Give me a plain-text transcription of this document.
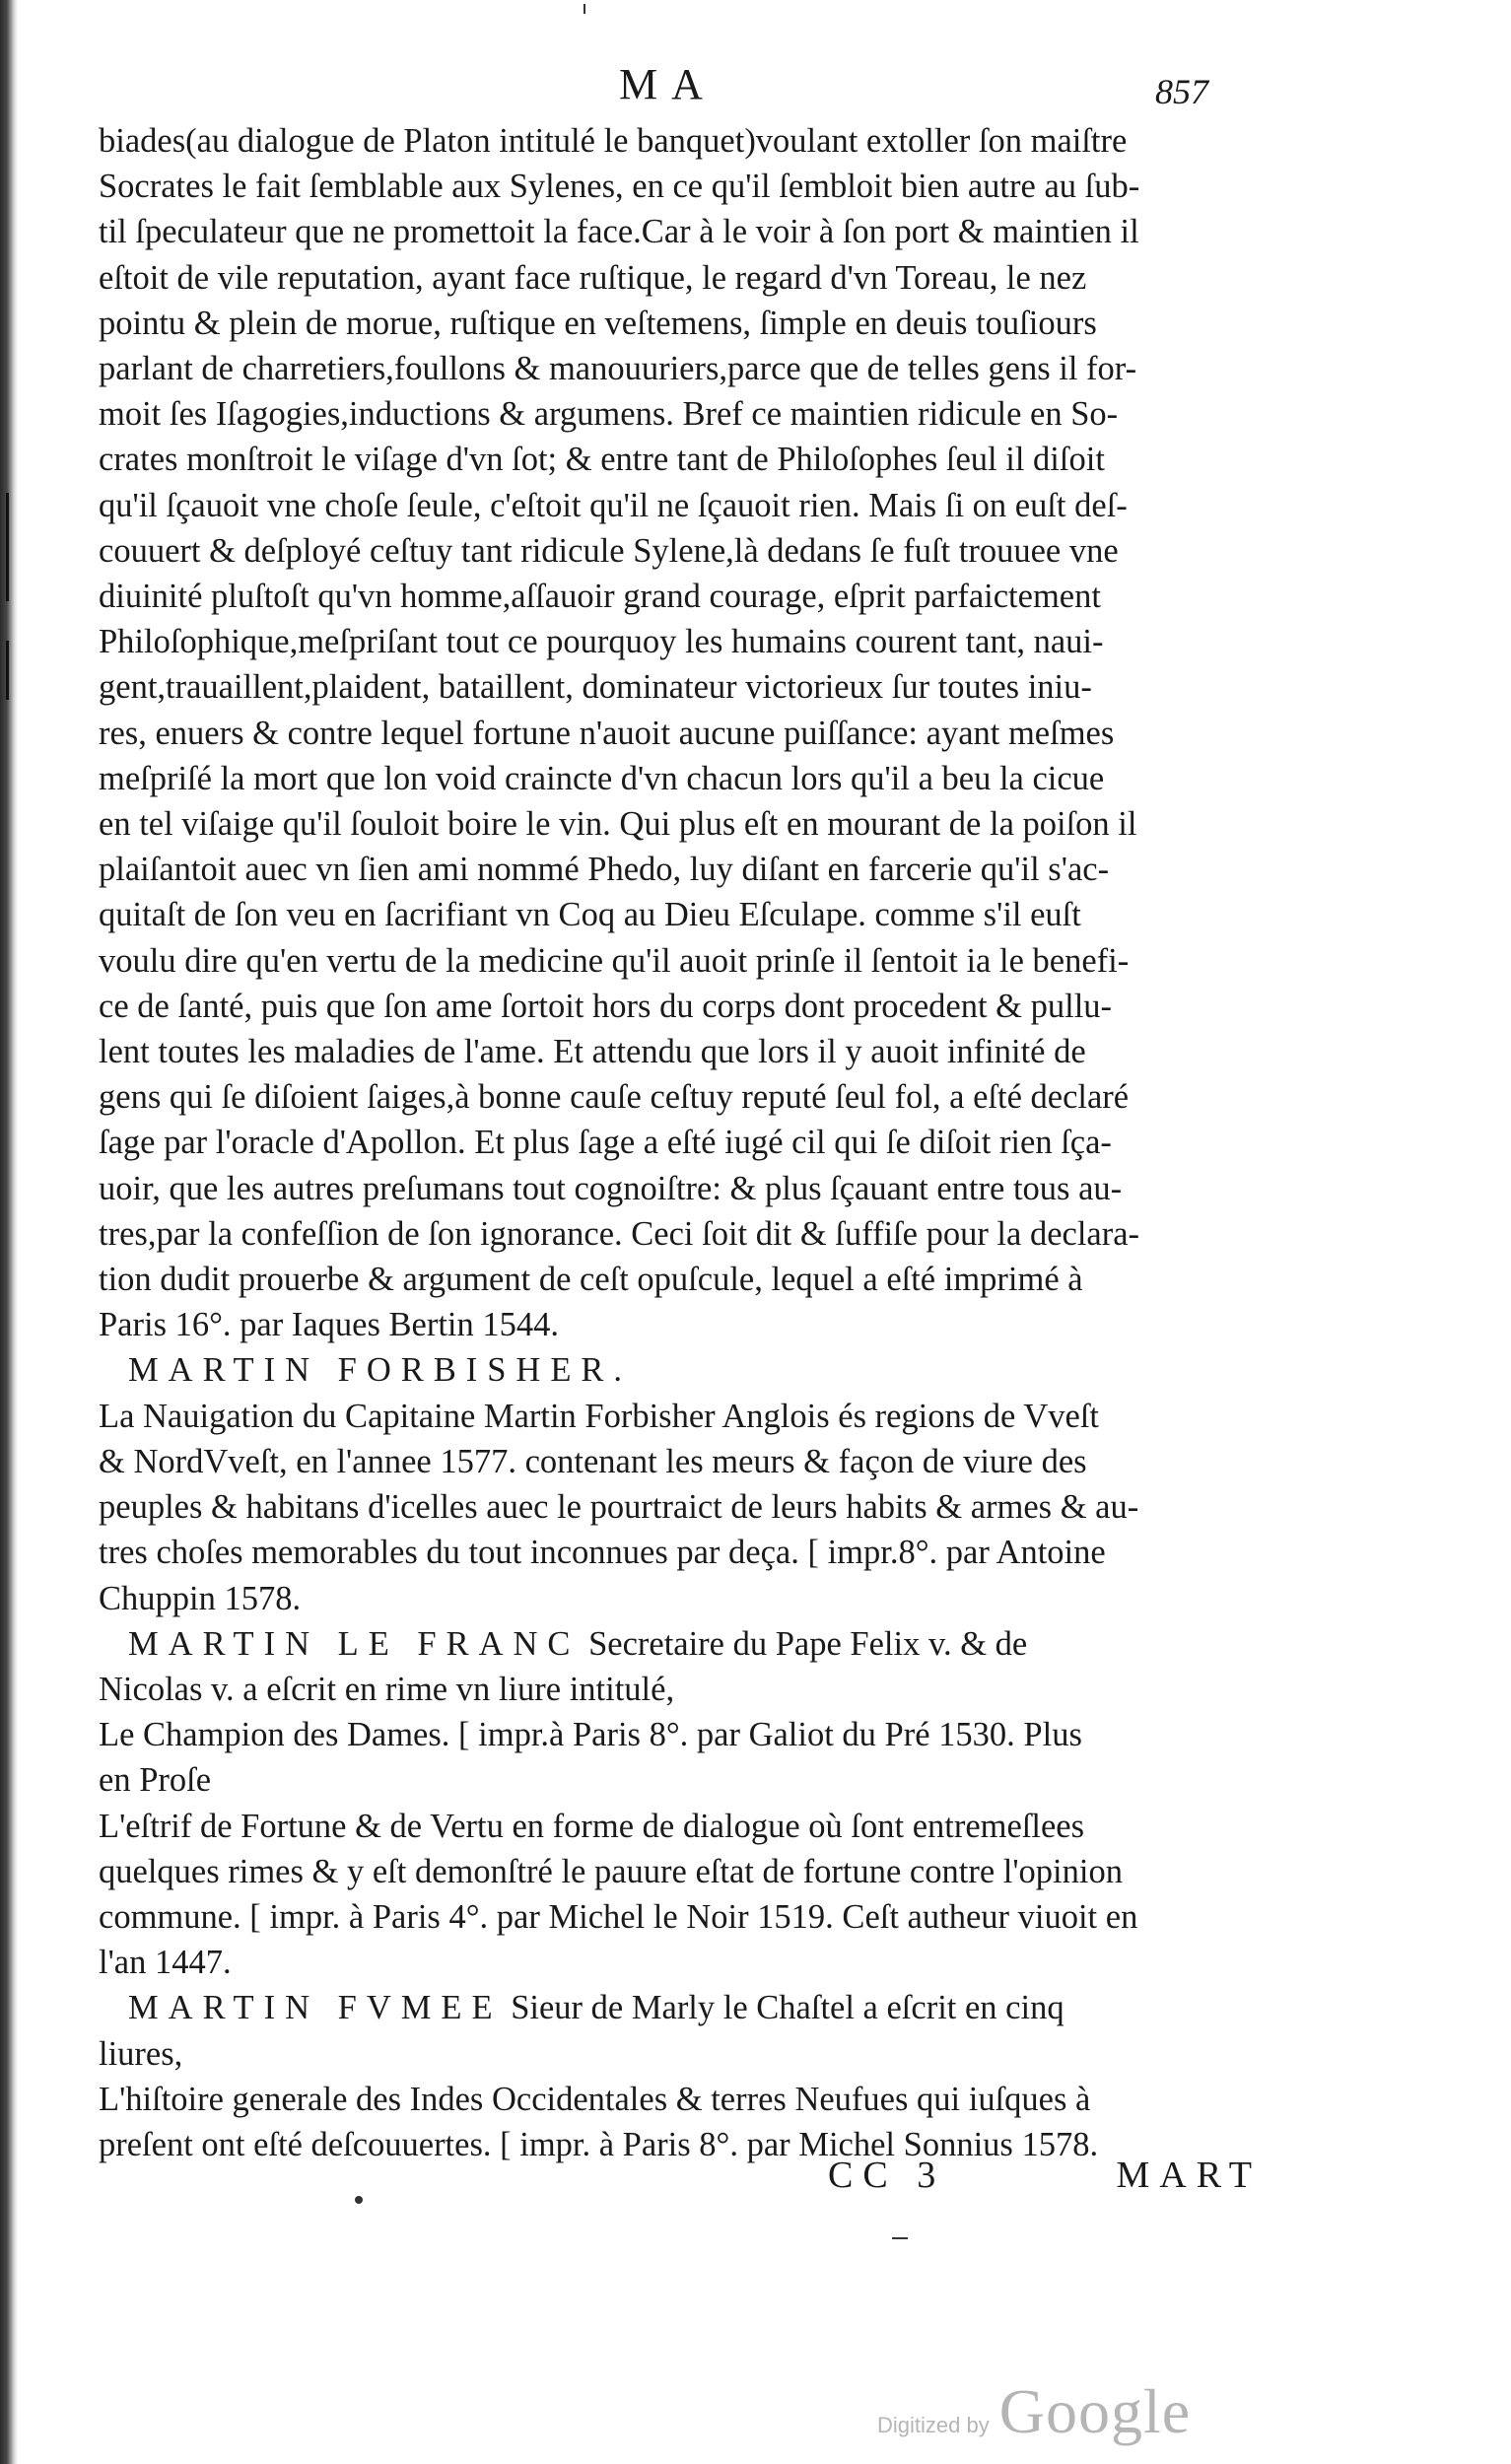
MA	857

biades(au dialogue de Platon intitulé le banquet)voulant extoller ſon maiſtre

Socrates le fait ſemblable aux Sylenes, en ce qu'il ſembloit bien autre au ſub-

til ſpeculateur que ne promettoit la face.Car à le voir à ſon port & maintien il

eſtoit de vile reputation, ayant face ruſtique, le regard d'vn Toreau, le nez

pointu & plein de morue, ruſtique en veſtemens, ſimple en deuis touſiours

parlant de charretiers,foullons & manouuriers,parce que de telles gens il for-

moit ſes Iſagogies,inductions & argumens. Bref ce maintien ridicule en So-

crates monſtroit le viſage d'vn ſot; & entre tant de Philoſophes ſeul il diſoit

qu'il ſçauoit vne choſe ſeule, c'eſtoit qu'il ne ſçauoit rien. Mais ſi on euſt deſ-

couuert & deſployé ceſtuy tant ridicule Sylene,là dedans ſe fuſt trouuee vne

diuinité pluſtoſt qu'vn homme,aſſauoir grand courage, eſprit parfaictement

Philoſophique,meſpriſant tout ce pourquoy les humains courent tant, naui-

gent,trauaillent,plaident, bataillent, dominateur victorieux ſur toutes iniu-

res, enuers & contre lequel fortune n'auoit aucune puiſſance: ayant meſmes

meſpriſé la mort que lon void craincte d'vn chacun lors qu'il a beu la cicue

en tel viſaige qu'il ſouloit boire le vin. Qui plus eſt en mourant de la poiſon il

plaiſantoit auec vn ſien ami nommé Phedo, luy diſant en farcerie qu'il s'ac-

quitaſt de ſon veu en ſacrifiant vn Coq au Dieu Eſculape. comme s'il euſt

voulu dire qu'en vertu de la medicine qu'il auoit prinſe il ſentoit ia le benefi-

ce de ſanté, puis que ſon ame ſortoit hors du corps dont procedent & pullu-

lent toutes les maladies de l'ame. Et attendu que lors il y auoit infinité de

gens qui ſe diſoient ſaiges,à bonne cauſe ceſtuy reputé ſeul fol, a eſté declaré

ſage par l'oracle d'Apollon. Et plus ſage a eſté iugé cil qui ſe diſoit rien ſça-

uoir, que les autres preſumans tout cognoiſtre: & plus ſçauant entre tous au-

tres,par la confeſſion de ſon ignorance. Ceci ſoit dit & ſuffiſe pour la declara-

tion dudit prouerbe & argument de ceſt opuſcule, lequel a eſté imprimé à

Paris 16°. par Iaques Bertin 1544.

MARTIN FORBISHER.

La Nauigation du Capitaine Martin Forbisher Anglois és regions de Vveſt

& NordVveſt, en l'annee 1577. contenant les meurs & façon de viure des

peuples & habitans d'icelles auec le pourtraict de leurs habits & armes & au-

tres choſes memorables du tout inconnues par deça. [ impr.8°. par Antoine

Chuppin 1578.

MARTIN LE FRANC Secretaire du Pape Felix v. & de

Nicolas v. a eſcrit en rime vn liure intitulé,

Le Champion des Dames. [ impr.à Paris 8°. par Galiot du Pré 1530. Plus

en Proſe

L'eſtrif de Fortune & de Vertu en forme de dialogue où ſont entremeſlees

quelques rimes & y eſt demonſtré le pauure eſtat de fortune contre l'opinion

commune. [ impr. à Paris 4°. par Michel le Noir 1519. Ceſt autheur viuoit en

l'an 1447.

MARTIN FVMEE Sieur de Marly le Chaſtel a eſcrit en cinq

liures,

L'hiſtoire generale des Indes Occidentales & terres Neufues qui iuſques à

preſent ont eſté deſcouuertes. [ impr. à Paris 8°. par Michel Sonnius 1578.

CC 3	MART
Digitized by Google
